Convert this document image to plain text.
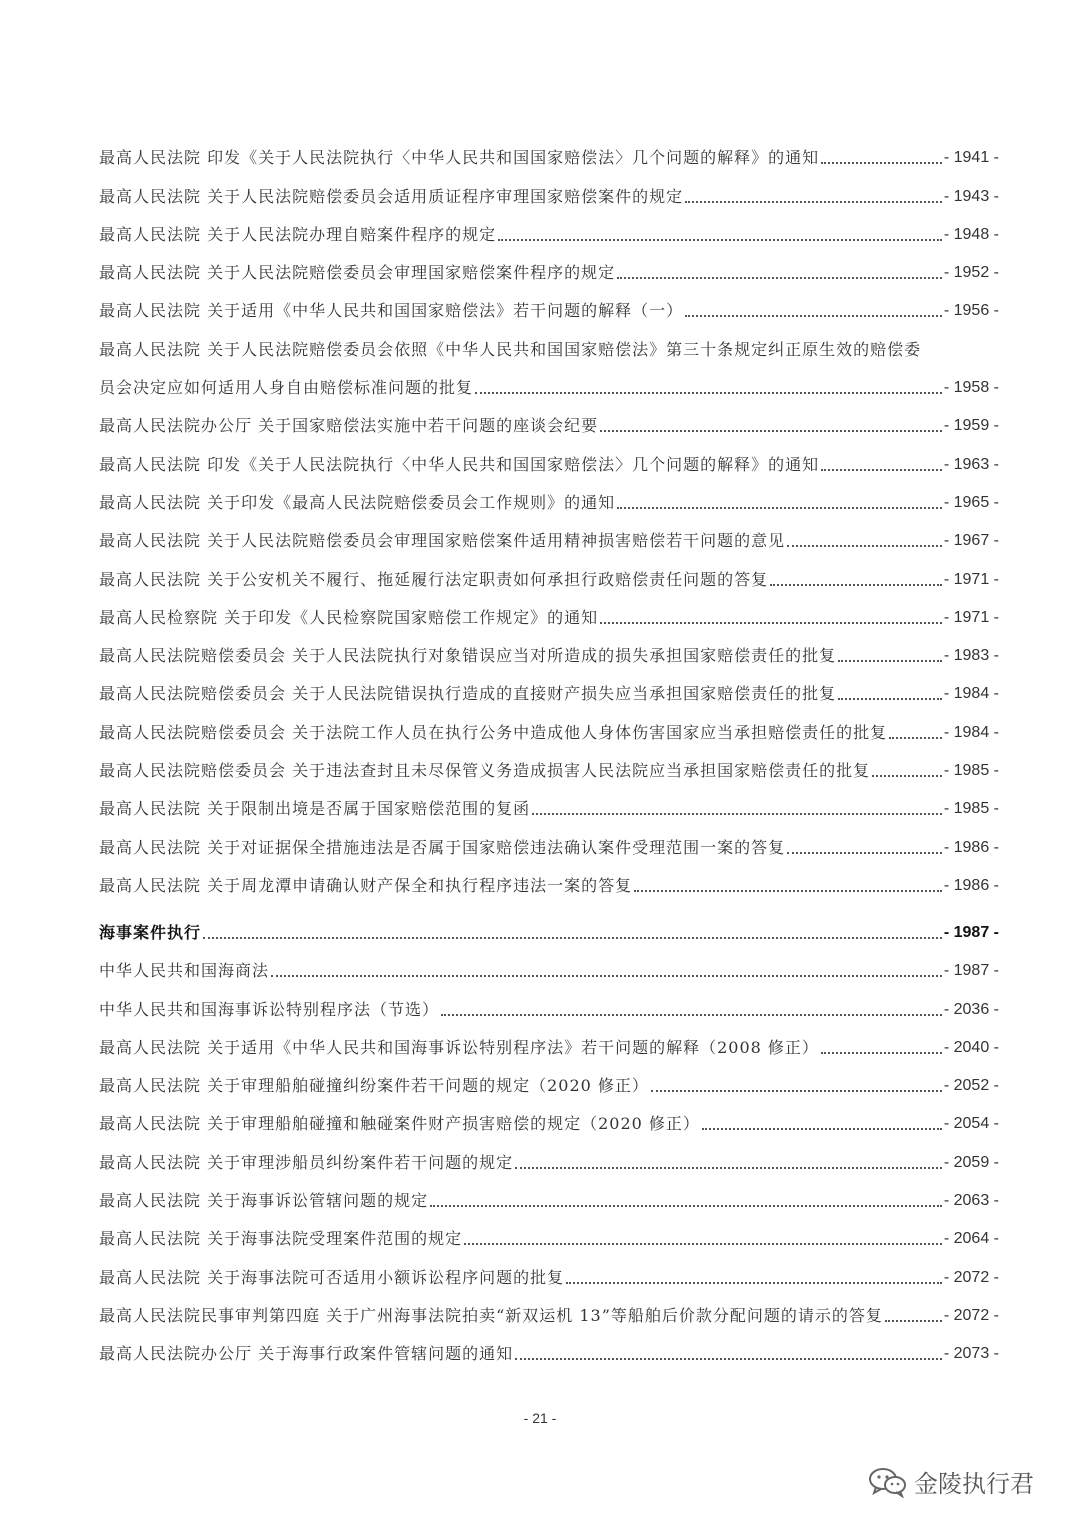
最高人民法院 印发《关于人民法院执行〈中华人民共和国国家赔偿法〉几个问题的解释》的通知	- 1941 -
最高人民法院 关于人民法院赔偿委员会适用质证程序审理国家赔偿案件的规定	- 1943 -
最高人民法院 关于人民法院办理自赔案件程序的规定	- 1948 -
最高人民法院 关于人民法院赔偿委员会审理国家赔偿案件程序的规定	- 1952 -
最高人民法院 关于适用《中华人民共和国国家赔偿法》若干问题的解释（一）	- 1956 -
最高人民法院 关于人民法院赔偿委员会依照《中华人民共和国国家赔偿法》第三十条规定纠正原生效的赔偿委
员会决定应如何适用人身自由赔偿标准问题的批复	- 1958 -
最高人民法院办公厅 关于国家赔偿法实施中若干问题的座谈会纪要	- 1959 -
最高人民法院 印发《关于人民法院执行〈中华人民共和国国家赔偿法〉几个问题的解释》的通知	- 1963 -
最高人民法院 关于印发《最高人民法院赔偿委员会工作规则》的通知	- 1965 -
最高人民法院 关于人民法院赔偿委员会审理国家赔偿案件适用精神损害赔偿若干问题的意见	- 1967 -
最高人民法院 关于公安机关不履行、拖延履行法定职责如何承担行政赔偿责任问题的答复	- 1971 -
最高人民检察院 关于印发《人民检察院国家赔偿工作规定》的通知	- 1971 -
最高人民法院赔偿委员会 关于人民法院执行对象错误应当对所造成的损失承担国家赔偿责任的批复	- 1983 -
最高人民法院赔偿委员会 关于人民法院错误执行造成的直接财产损失应当承担国家赔偿责任的批复	- 1984 -
最高人民法院赔偿委员会 关于法院工作人员在执行公务中造成他人身体伤害国家应当承担赔偿责任的批复	- 1984 -
最高人民法院赔偿委员会 关于违法查封且未尽保管义务造成损害人民法院应当承担国家赔偿责任的批复	- 1985 -
最高人民法院 关于限制出境是否属于国家赔偿范围的复函	- 1985 -
最高人民法院 关于对证据保全措施违法是否属于国家赔偿违法确认案件受理范围一案的答复	- 1986 -
最高人民法院 关于周龙潭申请确认财产保全和执行程序违法一案的答复	- 1986 -
海事案件执行	- 1987 -
中华人民共和国海商法	- 1987 -
中华人民共和国海事诉讼特别程序法（节选）	- 2036 -
最高人民法院 关于适用《中华人民共和国海事诉讼特别程序法》若干问题的解释（2008 修正）	- 2040 -
最高人民法院 关于审理船舶碰撞纠纷案件若干问题的规定（2020 修正）	- 2052 -
最高人民法院 关于审理船舶碰撞和触碰案件财产损害赔偿的规定（2020 修正）	- 2054 -
最高人民法院 关于审理涉船员纠纷案件若干问题的规定	- 2059 -
最高人民法院 关于海事诉讼管辖问题的规定	- 2063 -
最高人民法院 关于海事法院受理案件范围的规定	- 2064 -
最高人民法院 关于海事法院可否适用小额诉讼程序问题的批复	- 2072 -
最高人民法院民事审判第四庭 关于广州海事法院拍卖“新双运机 13”等船舶后价款分配问题的请示的答复	- 2072 -
最高人民法院办公厅 关于海事行政案件管辖问题的通知	- 2073 -
- 21 -
金陵执行君
